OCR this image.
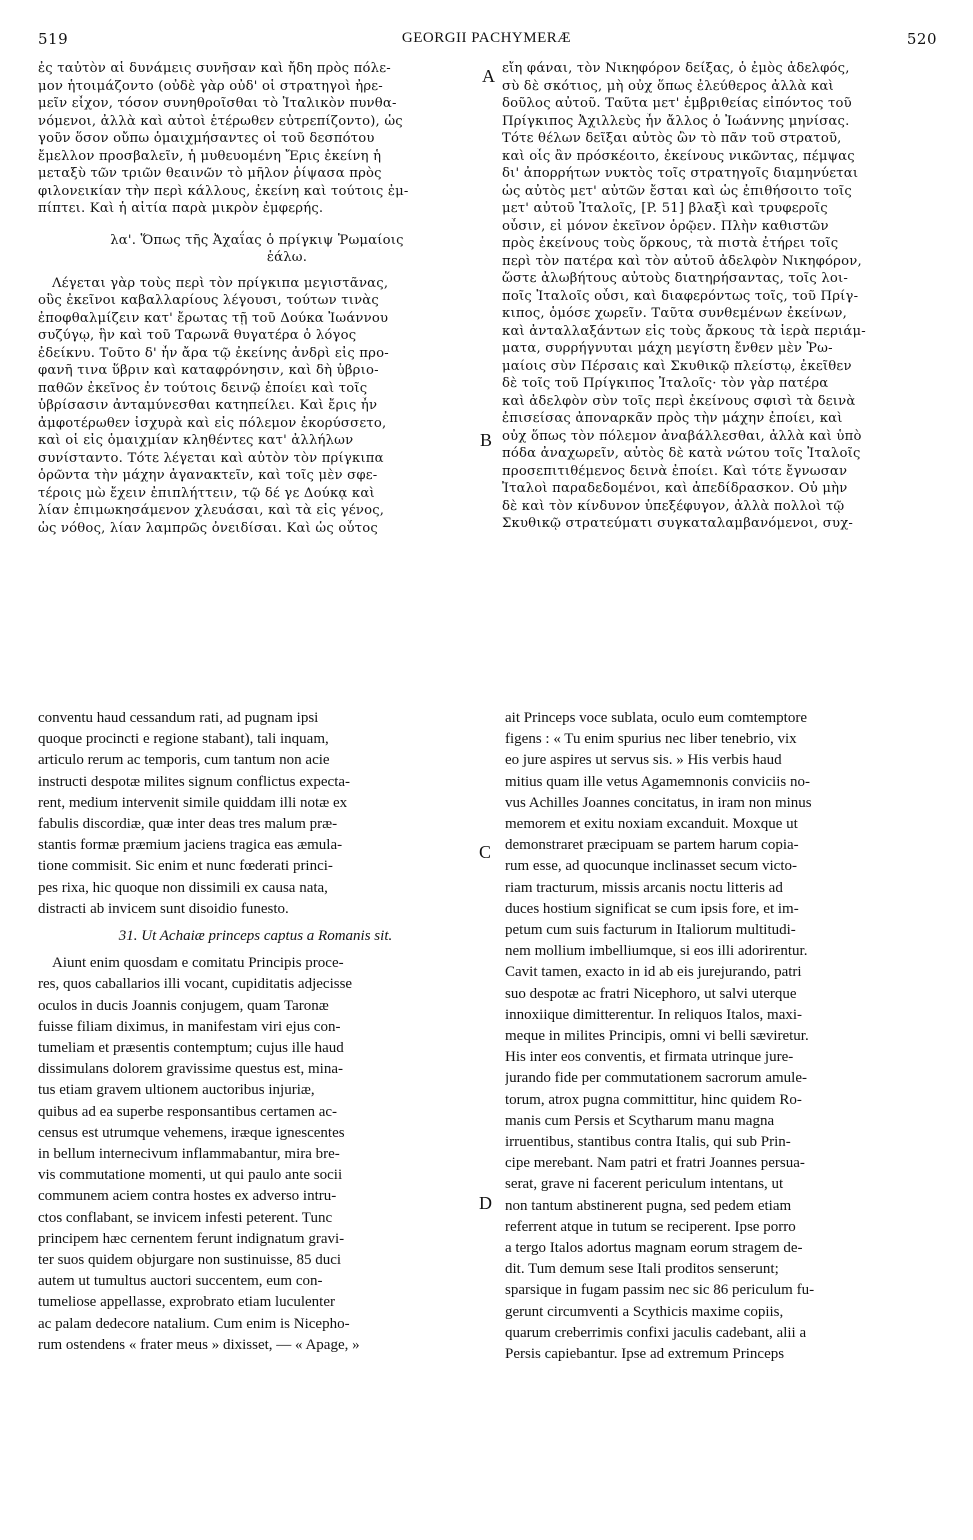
519	GEORGII PACHYMERÆ	520
A
B
C
D
ἐς ταὐτὸν αἱ δυνάμεις συνῆσαν καὶ ἤδη πρὸς πόλε-
μον ἡτοιμάζοντο (οὐδὲ γὰρ οὐδ' οἱ στρατηγοὶ ἠρε-
μεῖν εἶχον, τόσον συνηθροῖσθαι τὸ Ἰταλικὸν πυνθα-
νόμενοι, ἀλλὰ καὶ αὐτοὶ ἑτέρωθεν εὐτρεπίζοντο), ὡς
γοῦν ὅσον οὔπω ὁμαιχμήσαντες οἱ τοῦ δεσπότου
ἔμελλον προσβαλεῖν, ἡ μυθευομένη Ἔρις ἐκείνη ἡ
μεταξὺ τῶν τριῶν θεαινῶν τὸ μῆλον ῥίψασα πρὸς
φιλονεικίαν τὴν περὶ κάλλους, ἐκείνη καὶ τούτοις ἐμ-
πίπτει. Καὶ ἡ αἰτία παρὰ μικρὸν ἐμφερής.
λα'. Ὅπως τῆς Ἀχαΐας ὁ πρίγκιψ Ῥωμαίοις
ἑάλω.
Λέγεται γὰρ τοὺς περὶ τὸν πρίγκιπα μεγιστᾶνας,
οὓς ἐκεῖνοι καβαλλαρίους λέγουσι, τούτων τινὰς
ἐποφθαλμίζειν κατ' ἔρωτας τῇ τοῦ Δούκα Ἰωάννου
συζύγῳ, ἣν καὶ τοῦ Ταρωνᾶ θυγατέρα ὁ λόγος
ἐδείκνυ. Τοῦτο δ' ἦν ἄρα τῷ ἐκείνης ἀνδρὶ εἰς προ-
φανῆ τινα ὕβριν καὶ καταφρόνησιν, καὶ δὴ ὑβριο-
παθῶν ἐκεῖνος ἐν τούτοις δεινῷ ἐποίει καὶ τοῖς
ὑβρίσασιν ἀνταμύνεσθαι κατηπείλει. Καὶ ἔρις ἦν
ἀμφοτέρωθεν ἰσχυρὰ καὶ εἰς πόλεμον ἐκορύσσετο,
καὶ οἱ εἰς ὁμαιχμίαν κληθέντες κατ' ἀλλήλων
συνίσταντο. Τότε λέγεται καὶ αὐτὸν τὸν πρίγκιπα
ὁρῶντα τὴν μάχην ἀγανακτεῖν, καὶ τοῖς μὲν σφε-
τέροις μὼ ἔχειν ἐπιπλήττειν, τῷ δέ γε Δούκᾳ καὶ
λίαν ἐπιμωκησάμενον χλευάσαι, καὶ τὰ εἰς γένος,
ὡς νόθος, λίαν λαμπρῶς ὀνειδίσαι. Καὶ ὡς οὗτος
εἴη φάναι, τὸν Νικηφόρον δείξας, ὁ ἐμὸς ἀδελφός,
σὺ δὲ σκότιος, μὴ οὐχ ὅπως ἐλεύθερος ἀλλὰ καὶ
δοῦλος αὐτοῦ. Ταῦτα μετ' ἐμβριθείας εἰπόντος τοῦ
Πρίγκιπος Ἀχιλλεὺς ἦν ἄλλος ὁ Ἰωάννης μηνίσας.
Τότε θέλων δεῖξαι αὐτὸς ὢν τὸ πᾶν τοῦ στρατοῦ,
καὶ οἷς ἂν πρόσκέοιτο, ἐκείνους νικῶντας, πέμψας
δι' ἀπορρήτων νυκτὸς τοῖς στρατηγοῖς διαμηνύεται
ὡς αὐτὸς μετ' αὐτῶν ἔσται καὶ ὡς ἐπιθήσοιτο τοῖς
μετ' αὐτοῦ Ἰταλοῖς, [P. 51] βλαξὶ καὶ τρυφεροῖς
οὖσιν, εἰ μόνον ἐκεῖνον ὁρῷεν. Πλὴν καθιστῶν
πρὸς ἐκείνους τοὺς ὅρκους, τὰ πιστὰ ἐτήρει τοῖς
περὶ τὸν πατέρα καὶ τὸν αὐτοῦ ἀδελφὸν Νικηφόρον,
ὥστε ἀλωβήτους αὐτοὺς διατηρήσαντας, τοῖς λοι-
ποῖς Ἰταλοῖς οὖσι, καὶ διαφερόντως τοῖς, τοῦ Πρίγ-
κιπος, ὁμόσε χωρεῖν. Ταῦτα συνθεμένων ἐκείνων,
καὶ ἀνταλλαξάντων εἰς τοὺς ἄρκους τὰ ἱερὰ περιάμ-
ματα, συρρήγνυται μάχη μεγίστη ἔνθεν μὲν Ῥω-
μαίοις σὺν Πέρσαις καὶ Σκυθικῷ πλείστῳ, ἐκεῖθεν
δὲ τοῖς τοῦ Πρίγκιπος Ἰταλοῖς· τὸν γὰρ πατέρα
καὶ ἀδελφὸν σὺν τοῖς περὶ ἐκείνους σφισὶ τὰ δεινὰ
ἐπισείσας ἀποναρκᾶν πρὸς τὴν μάχην ἐποίει, καὶ
οὐχ ὅπως τὸν πόλεμον ἀναβάλλεσθαι, ἀλλὰ καὶ ὑπὸ
πόδα ἀναχωρεῖν, αὐτὸς δὲ κατὰ νώτου τοῖς Ἰταλοῖς
προσεπιτιθέμενος δεινὰ ἐποίει. Καὶ τότε ἔγνωσαν
Ἰταλοὶ παραδεδομένοι, καὶ ἀπεδίδρασκον. Οὐ μὴν
δὲ καὶ τὸν κίνδυνον ὑπεξέφυγον, ἀλλὰ πολλοὶ τῷ
Σκυθικῷ στρατεύματι συγκαταλαμβανόμενοι, συχ-
conventu haud cessandum rati, ad pugnam ipsi
quoque procincti e regione stabant), tali inquam,
articulo rerum ac temporis, cum tantum non acie
instructi despotæ milites signum conflictus expecta-
rent, medium intervenit simile quiddam illi notæ ex
fabulis discordiæ, quæ inter deas tres malum præ-
stantis formæ præmium jaciens tragica eas æmula-
tione commisit. Sic enim et nunc fœderati princi-
pes rixa, hic quoque non dissimili ex causa nata,
distracti ab invicem sunt disoidio funesto.
31. Ut Achaiæ princeps captus a Romanis sit.
Aiunt enim quosdam e comitatu Principis proce-
res, quos caballarios illi vocant, cupiditatis adjecisse
oculos in ducis Joannis conjugem, quam Taronæ
fuisse filiam diximus, in manifestam viri ejus con-
tumeliam et præsentis contemptum; cujus ille haud
dissimulans dolorem gravissime questus est, mina-
tus etiam gravem ultionem auctoribus injuriæ,
quibus ad ea superbe responsantibus certamen ac-
census est utrumque vehemens, iræque ignescentes
in bellum internecivum inflammabantur, mira bre-
vis commutatione momenti, ut qui paulo ante socii
communem aciem contra hostes ex adverso intru-
ctos conflabant, se invicem infesti peterent. Tunc
principem hæc cernentem ferunt indignatum gravi-
ter suos quidem objurgare non sustinuisse, 85 duci
autem ut tumultus auctori succentem, eum con-
tumeliose appellasse, exprobrato etiam luculenter
ac palam dedecore natalium. Cum enim is Nicepho-
rum ostendens « frater meus » dixisset, — « Apage, »
ait Princeps voce sublata, oculo eum comtemptore
figens : « Tu enim spurius nec liber tenebrio, vix
eo jure aspires ut servus sis. » His verbis haud
mitius quam ille vetus Agamemnonis conviciis no-
vus Achilles Joannes concitatus, in iram non minus
memorem et exitu noxiam excanduit. Moxque ut
demonstraret præcipuam se partem harum copia-
rum esse, ad quocunque inclinasset secum victo-
riam tracturum, missis arcanis noctu litteris ad
duces hostium significat se cum ipsis fore, et im-
petum cum suis facturum in Italiorum multitudi-
nem mollium imbelliumque, si eos illi adorirentur.
Cavit tamen, exacto in id ab eis jurejurando, patri
suo despotæ ac fratri Nicephoro, ut salvi uterque
innoxiique dimitterentur. In reliquos Italos, maxi-
meque in milites Principis, omni vi belli sæviretur.
His inter eos conventis, et firmata utrinque jure-
jurando fide per commutationem sacrorum amule-
torum, atrox pugna committitur, hinc quidem Ro-
manis cum Persis et Scytharum manu magna
irruentibus, stantibus contra Italis, qui sub Prin-
cipe merebant. Nam patri et fratri Joannes persua-
serat, grave ni facerent periculum intentans, ut
non tantum abstinerent pugna, sed pedem etiam
referrent atque in tutum se reciperent. Ipse porro
a tergo Italos adortus magnam eorum stragem de-
dit. Tum demum sese Itali proditos senserunt;
sparsique in fugam passim nec sic 86 periculum fu-
gerunt circumventi a Scythicis maxime copiis,
quarum creberrimis confixi jaculis cadebant, alii a
Persis capiebantur. Ipse ad extremum Princeps
